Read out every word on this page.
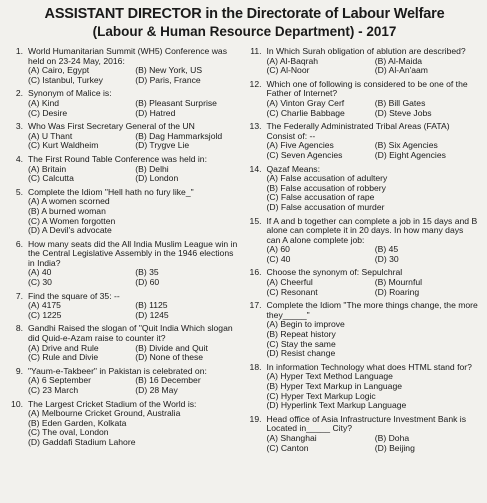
ASSISTANT DIRECTOR in the Directorate of Labour Welfare
(Labour & Human Resource Department) - 2017
1. World Humanitarian Summit (WH5) Conference was held on 23-24 May, 2016:
(A) Cairo, Egypt	(B) New York, US
(C) Istanbul, Turkey	(D) Paris, France
2. Synonym of Malice is:
(A) Kind	(B) Pleasant Surprise
(C) Desire	(D) Hatred
3. Who Was First Secretary General of the UN
(A) U Thant	(B) Dag Hammarksjold
(C) Kurt Waldheim	(D) Trygve Lie
4. The First Round Table Conference was held in:
(A) Britain	(B) Delhi
(C) Calcutta	(D) London
5. Complete the Idiom "Hell hath no fury like_"
(A) A women scorned
(B) A burned woman
(C) A Women forgotten
(D) A Devil's advocate
6. How many seats did the All India Muslim League win in the Central Legislative Assembly in the 1946 elections in India?
(A) 40	(B) 35
(C) 30	(D) 60
7. Find the square of 35: --
(A) 4175	(B) 1125
(C) 1225	(D) 1245
8. Gandhi Raised the slogan of "Quit India Which slogan did Quid-e-Azam raise to counter it?
(A) Drive and Rule	(B) Divide and Quit
(C) Rule and Divie	(D) None of these
9. "Yaum-e-Takbeer" in Pakistan is celebrated on:
(A) 6 September	(B) 16 December
(C) 23 March	(D) 28 May
10. The Largest Cricket Stadium of the World is:
(A) Melbourne Cricket Ground, Australia
(B) Eden Garden, Kolkata
(C) The oval, London
(D) Gaddafi Stadium Lahore
11. In Which Surah obligation of ablution are described?
(A) Al-Baqrah	(B) Al-Maida
(C) Al-Noor	(D) Al-An'aam
12. Which one of following is considered to be one of the Father of Internet?
(A) Vinton Gray Cerf	(B) Bill Gates
(C) Charlie Babbage	(D) Steve Jobs
13. The Federally Administrated Tribal Areas (FATA) Consist of: --
(A) Five Agencies	(B) Six Agencies
(C) Seven Agencies	(D) Eight Agencies
14. Qazaf Means:
(A) False accusation of adultery
(B) False accusation of robbery
(C) False accusation of rape
(D) False accusation of murder
15. If A and b together can complete a job in 15 days and B alone can complete it in 20 days. In how many days can A alone complete job:
(A) 60	(B) 45
(C) 40	(D) 30
16. Choose the synonym of: Sepulchral
(A) Cheerful	(B) Mournful
(C) Resonant	(D) Roaring
17. Complete the Idiom "The more things change, the more they_____"
(A) Begin to improve
(B) Repeat history
(C) Stay the same
(D) Resist change
18. In information Technology what does HTML stand for?
(A) Hyper Text Method Language
(B) Hyper Text Markup in Language
(C) Hyper Text Markup Logic
(D) Hyperlink Text Markup Language
19. Head office of Asia Infrastructure Investment Bank is Located in_____ City?
(A) Shanghai	(B) Doha
(C) Canton	(D) Beijing
